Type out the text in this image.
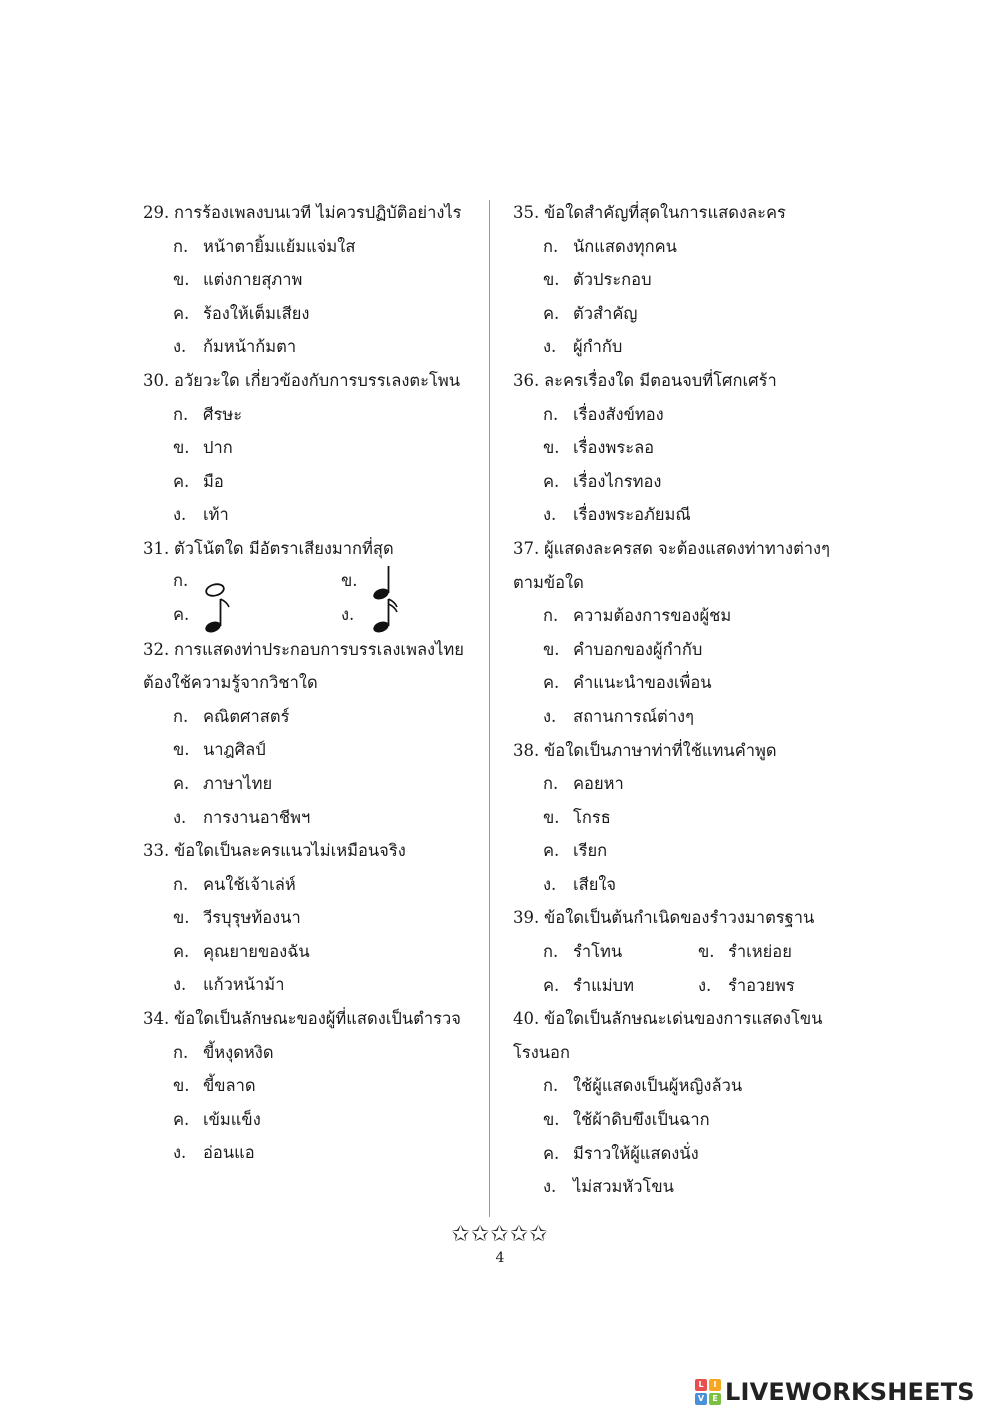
29. การร้องเพลงบนเวที ไม่ควรปฏิบัติอย่างไร
ก. หน้าตายิ้มแย้มแจ่มใส
ข. แต่งกายสุภาพ
ค. ร้องให้เต็มเสียง
ง. ก้มหน้าก้มตา
30. อวัยวะใด เกี่ยวข้องกับการบรรเลงตะโพน
ก. ศีรษะ
ข. ปาก
ค. มือ
ง. เท้า
31. ตัวโน้ตใด มีอัตราเสียงมากที่สุด
ก.	ข.
ค.	ง.
32. การแสดงท่าประกอบการบรรเลงเพลงไทย
ต้องใช้ความรู้จากวิชาใด
ก. คณิตศาสตร์
ข. นาฎศิลป์
ค. ภาษาไทย
ง. การงานอาชีพฯ
33. ข้อใดเป็นละครแนวไม่เหมือนจริง
ก. คนใช้เจ้าเล่ห์
ข. วีรบุรุษท้องนา
ค. คุณยายของฉัน
ง. แก้วหน้าม้า
34. ข้อใดเป็นลักษณะของผู้ที่แสดงเป็นตำรวจ
ก. ขี้หงุดหงิด
ข. ขี้ขลาด
ค. เข้มแข็ง
ง. อ่อนแอ
35. ข้อใดสำคัญที่สุดในการแสดงละคร
ก. นักแสดงทุกคน
ข. ตัวประกอบ
ค. ตัวสำคัญ
ง. ผู้กำกับ
36. ละครเรื่องใด มีตอนจบที่โศกเศร้า
ก. เรื่องสังข์ทอง
ข. เรื่องพระลอ
ค. เรื่องไกรทอง
ง. เรื่องพระอภัยมณี
37. ผู้แสดงละครสด จะต้องแสดงท่าทางต่างๆ
ตามข้อใด
ก. ความต้องการของผู้ชม
ข. คำบอกของผู้กำกับ
ค. คำแนะนำของเพื่อน
ง. สถานการณ์ต่างๆ
38. ข้อใดเป็นภาษาท่าที่ใช้แทนคำพูด
ก. คอยหา
ข. โกรธ
ค. เรียก
ง. เสียใจ
39. ข้อใดเป็นต้นกำเนิดของรำวงมาตรฐาน
ก. รำโทน	ข. รำเหย่อย
ค. รำแม่บท	ง. รำอวยพร
40. ข้อใดเป็นลักษณะเด่นของการแสดงโขน
โรงนอก
ก. ใช้ผู้แสดงเป็นผู้หญิงล้วน
ข. ใช้ผ้าดิบขึงเป็นฉาก
ค. มีราวให้ผู้แสดงนั่ง
ง. ไม่สวมหัวโขน
✩✩✩✩✩
4
L	I
V	E LIVEWORKSHEETS
